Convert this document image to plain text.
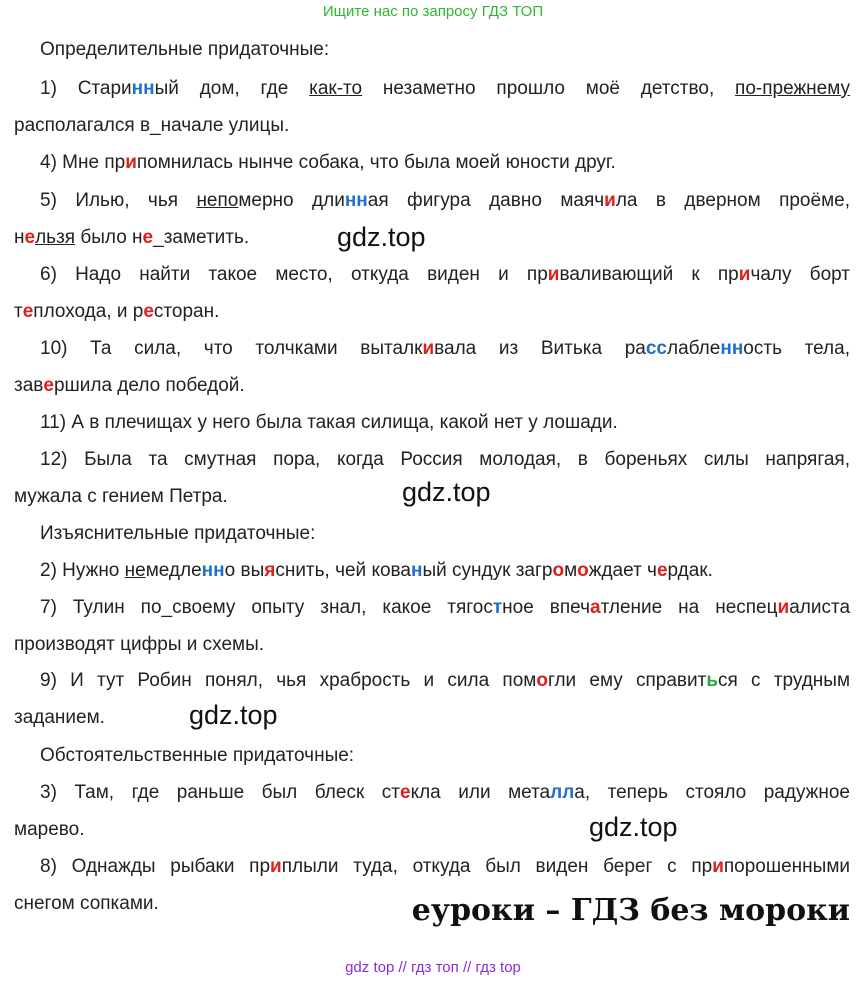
Ищите нас по запросу ГДЗ ТОП
Определительные придаточные:
1) Старинный дом, где как-то незаметно прошло моё детство, по-прежнему
располагался в_начале улицы.
4) Мне припомнилась нынче собака, что была моей юности друг.
5) Илью, чья непомерно длинная фигура давно маячила в дверном проёме,
нельзя было не_заметить.	gdz.top
6) Надо найти такое место, откуда виден и приваливающий к причалу борт
теплохода, и ресторан.
10) Та сила, что толчками выталкивала из Витька расслабленность тела,
завершила дело победой.
11) А в плечищах у него была такая силища, какой нет у лошади.
12) Была та смутная пора, когда Россия молодая, в бореньях силы напрягая,
мужала с гением Петра.	gdz.top
Изъяснительные придаточные:
2) Нужно немедленно выяснить, чей кованый сундук загромождает чердак.
7) Тулин по_своему опыту знал, какое тягостное впечатление на неспециалиста
производят цифры и схемы.
9) И тут Робин понял, чья храбрость и сила помогли ему справиться с трудным
заданием.	gdz.top
Обстоятельственные придаточные:
3) Там, где раньше был блеск стекла или металла, теперь стояло радужное
марево.	gdz.top
8) Однажды рыбаки приплыли туда, откуда был виден берег с припорошенными
снегом сопками.	еуроки – ГДЗ без мороки
gdz top // гдз топ // гдз top
